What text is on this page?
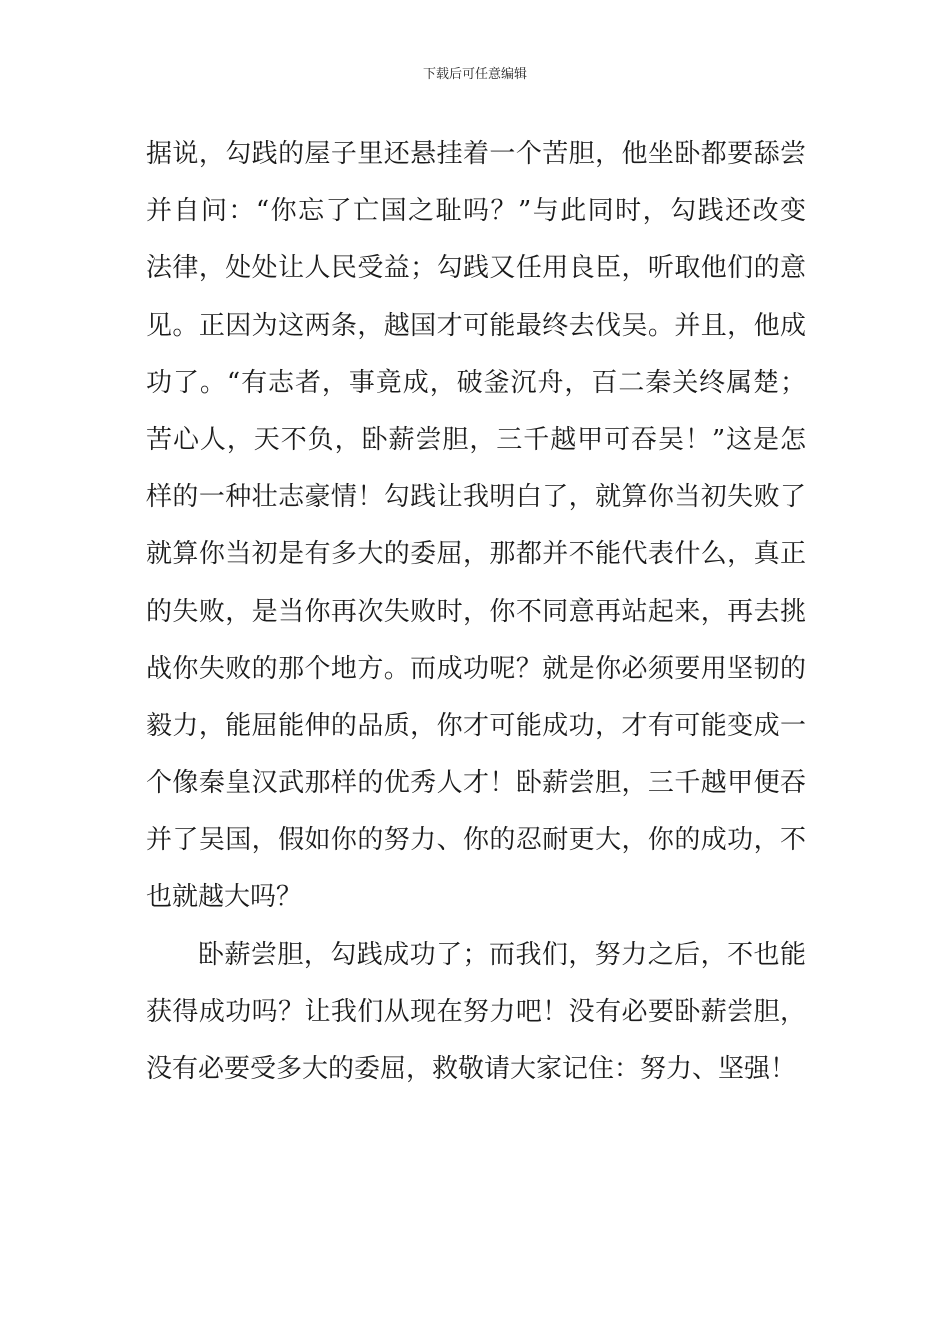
下载后可任意编辑
据说，勾践的屋子里还悬挂着一个苦胆，他坐卧都要舔尝
并自问：“你忘了亡国之耻吗？”与此同时，勾践还改变
法律，处处让人民受益；勾践又任用良臣，听取他们的意
见。正因为这两条，越国才可能最终去伐吴。并且，他成
功了。“有志者，事竟成，破釜沉舟，百二秦关终属楚；
苦心人，天不负，卧薪尝胆，三千越甲可吞吴！”这是怎
样的一种壮志豪情！勾践让我明白了，就算你当初失败了
就算你当初是有多大的委屈，那都并不能代表什么，真正
的失败，是当你再次失败时，你不同意再站起来，再去挑
战你失败的那个地方。而成功呢？就是你必须要用坚韧的
毅力，能屈能伸的品质，你才可能成功，才有可能变成一
个像秦皇汉武那样的优秀人才！卧薪尝胆，三千越甲便吞
并了吴国，假如你的努力、你的忍耐更大，你的成功，不
也就越大吗？
卧薪尝胆，勾践成功了；而我们，努力之后，不也能
获得成功吗？让我们从现在努力吧！没有必要卧薪尝胆，
没有必要受多大的委屈，救敬请大家记住：努力、坚强！
